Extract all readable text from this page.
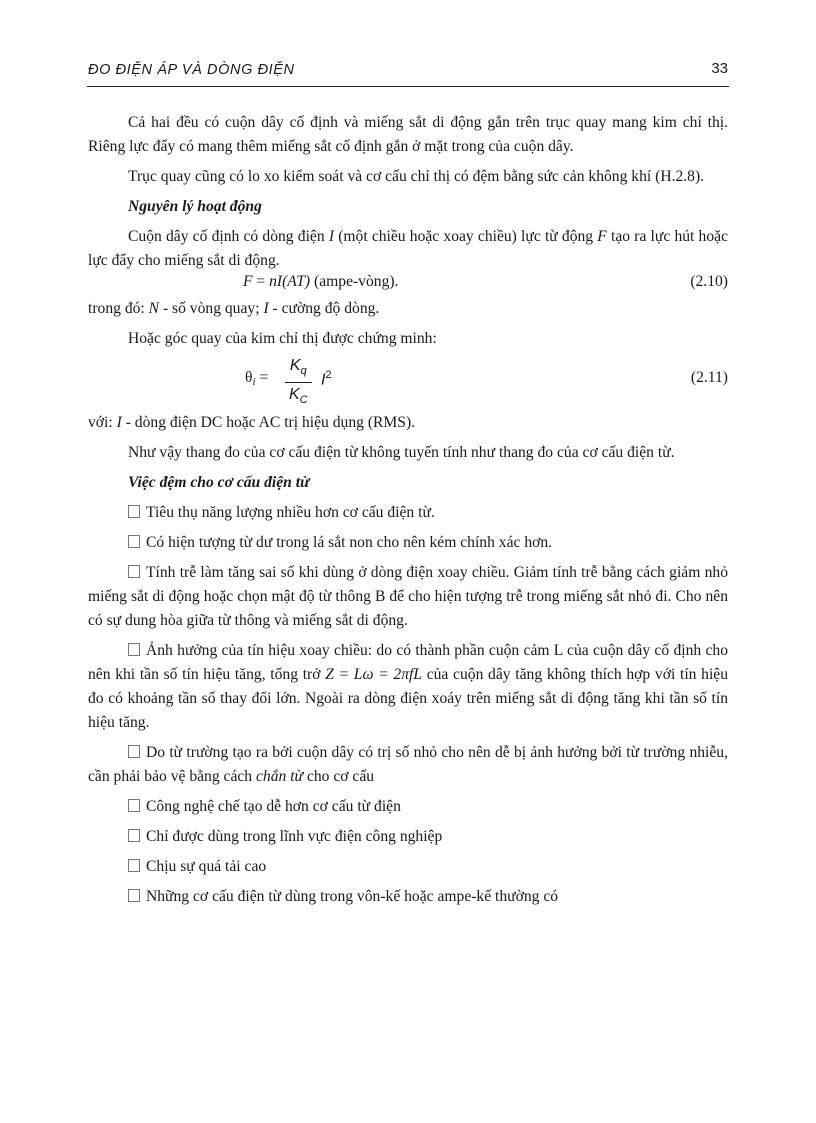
ĐO ĐIỆN ÁP VÀ DÒNG ĐIỆN	33

Cả hai đều có cuộn dây cố định và miếng sắt di động gắn trên trục quay mang kim chỉ thị. Riêng lực đẩy có mang thêm miếng sắt cố định gắn ở mặt trong của cuộn dây.

Trục quay cũng có lo xo kiểm soát và cơ cấu chỉ thị có đệm bằng sức cản không khí (H.2.8).

Nguyên lý hoạt động

Cuộn dây cố định có dòng điện I (một chiều hoặc xoay chiều) lực từ động F tạo ra lực hút hoặc lực đẩy cho miếng sắt di động.

F = nI(AT) (ampe-vòng).	(2.10)

trong đó: N - số vòng quay; I - cường độ dòng.

Hoặc góc quay của kim chỉ thị được chứng minh:

$\theta i = \frac{K_q}{K_C} I^2$	(2.11)

với: I - dòng điện DC hoặc AC trị hiệu dụng (RMS).

Như vậy thang đo của cơ cấu điện từ không tuyến tính như thang đo của cơ cấu điện từ.

Việc đệm cho cơ cấu điện từ

Tiêu thụ năng lượng nhiều hơn cơ cấu điện từ.

Có hiện tượng từ dư trong lá sắt non cho nên kém chính xác hơn.

Tính trễ làm tăng sai số khi dùng ở dòng điện xoay chiều. Giảm tính trễ bằng cách giảm nhỏ miếng sắt di động hoặc chọn mật độ từ thông B để cho hiện tượng trễ trong miếng sắt nhỏ đi. Cho nên có sự dung hòa giữa từ thông và miếng sắt di động.

Ảnh hưởng của tín hiệu xoay chiều: do có thành phần cuộn cảm L của cuộn dây cố định cho nên khi tần số tín hiệu tăng, tổng trở Z = Lω = 2πfL của cuộn dây tăng không thích hợp với tín hiệu đo có khoảng tần số thay đổi lớn. Ngoài ra dòng điện xoáy trên miếng sắt di động tăng khi tần số tín hiệu tăng.

Do từ trường tạo ra bởi cuộn dây có trị số nhỏ cho nên dễ bị ảnh hưởng bởi từ trường nhiễu, cần phải bảo vệ bằng cách chắn từ cho cơ cấu

Công nghệ chế tạo dễ hơn cơ cấu từ điện

Chỉ được dùng trong lĩnh vực điện công nghiệp

Chịu sự quá tải cao

Những cơ cấu điện từ dùng trong vôn-kế hoặc ampe-kế thường có
